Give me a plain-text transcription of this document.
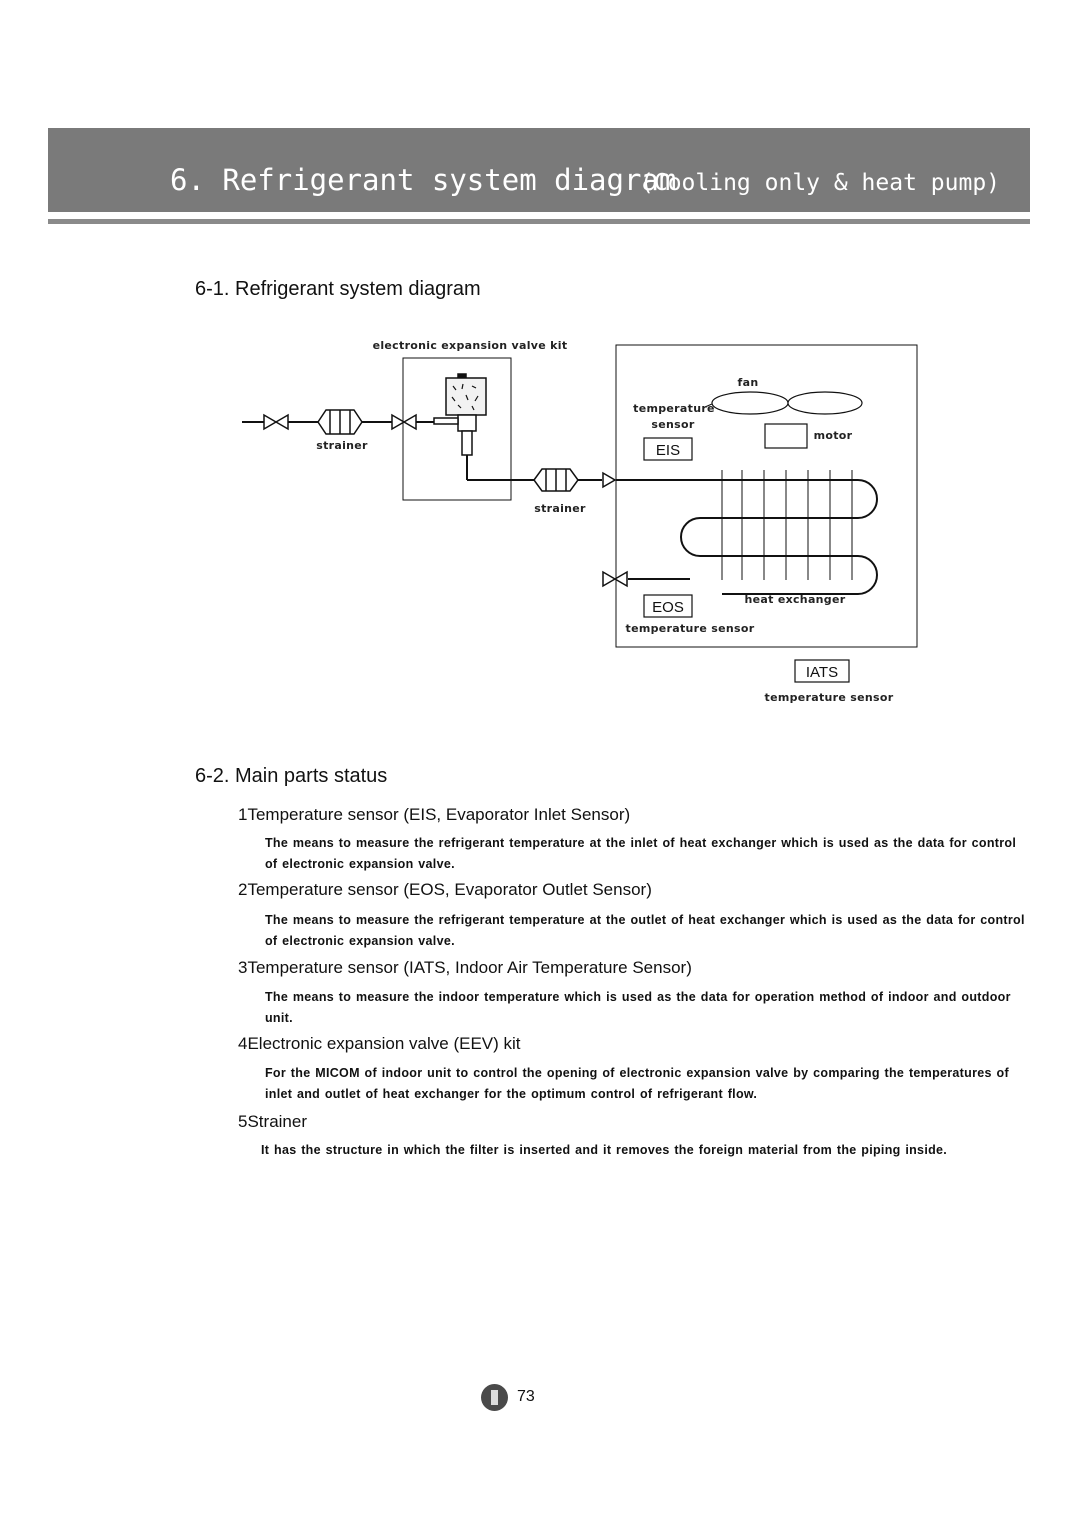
6. Refrigerant system diagram
(Cooling only & heat pump)
6-1. Refrigerant system diagram
EIS
EOS
IATS
electronic expansion valve kit
fan
temperature
sensor
motor
strainer
strainer
heat exchanger
temperature sensor
temperature sensor
6-2. Main parts status
1Temperature sensor (EIS, Evaporator Inlet Sensor)
The means to measure the refrigerant temperature at the inlet of heat exchanger which is used as the data for control of electronic expansion valve.
2Temperature sensor (EOS, Evaporator Outlet Sensor)
The means to measure the refrigerant temperature at the outlet of heat exchanger which is used as the data for control of electronic expansion valve.
3Temperature sensor (IATS, Indoor Air Temperature Sensor)
The means to measure the indoor temperature which is used as the data for operation method of indoor and outdoor unit.
4Electronic expansion valve (EEV) kit
For the MICOM of indoor unit to control the opening of electronic expansion valve by comparing the temperatures of inlet and outlet of heat exchanger for the optimum control of refrigerant flow.
5Strainer
It has the structure in which the filter is inserted and it removes the foreign material from the piping inside.
73
